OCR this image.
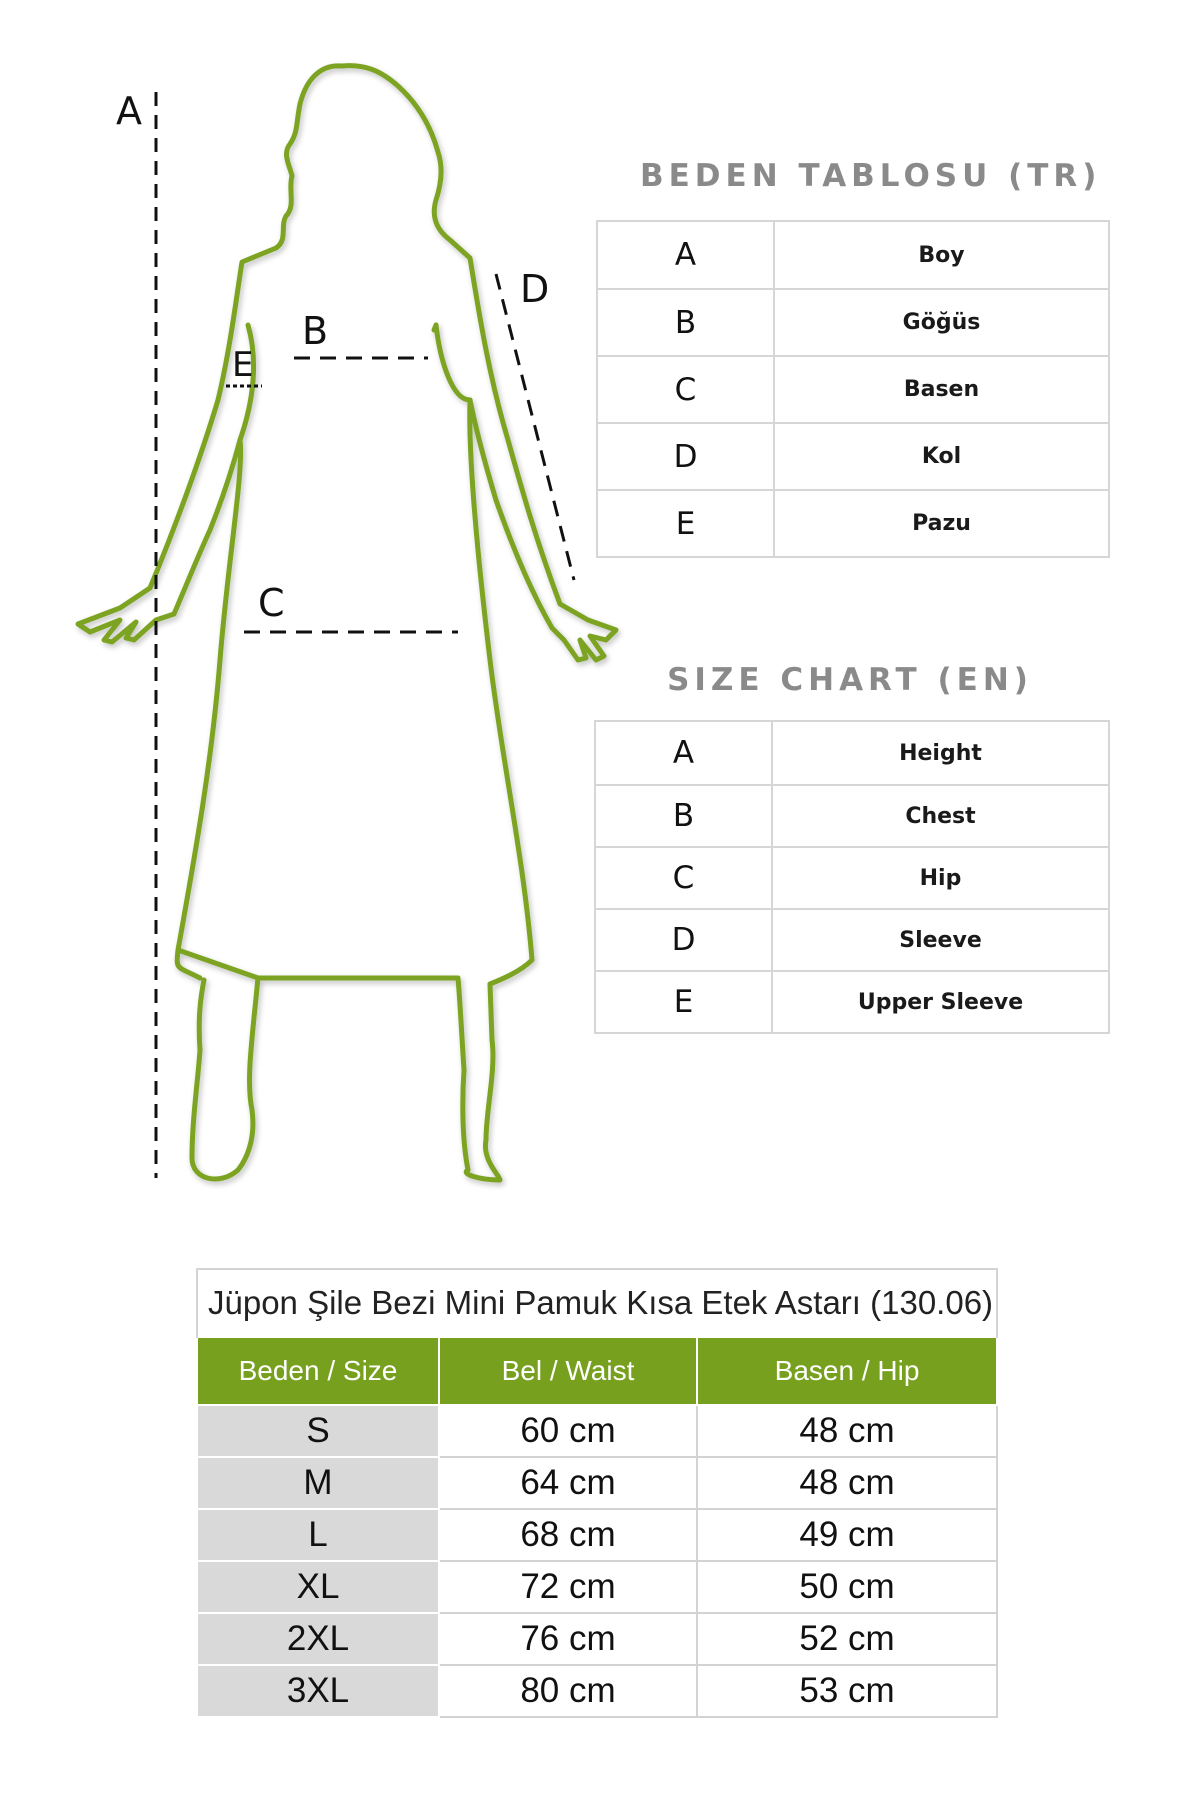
A
B
C
D
E
BEDEN TABLOSU (TR)
A	Boy
B	Göğüs
C	Basen
D	Kol
E	Pazu
SIZE CHART (EN)
A	Height
B	Chest
C	Hip
D	Sleeve
E	Upper Sleeve
Jüpon Şile Bezi Mini Pamuk Kısa Etek Astarı (130.06)		
Beden / Size	Bel / Waist	Basen / Hip
S	60 cm	48 cm
M	64 cm	48 cm
L	68 cm	49 cm
XL	72 cm	50 cm
2XL	76 cm	52 cm
3XL	80 cm	53 cm
